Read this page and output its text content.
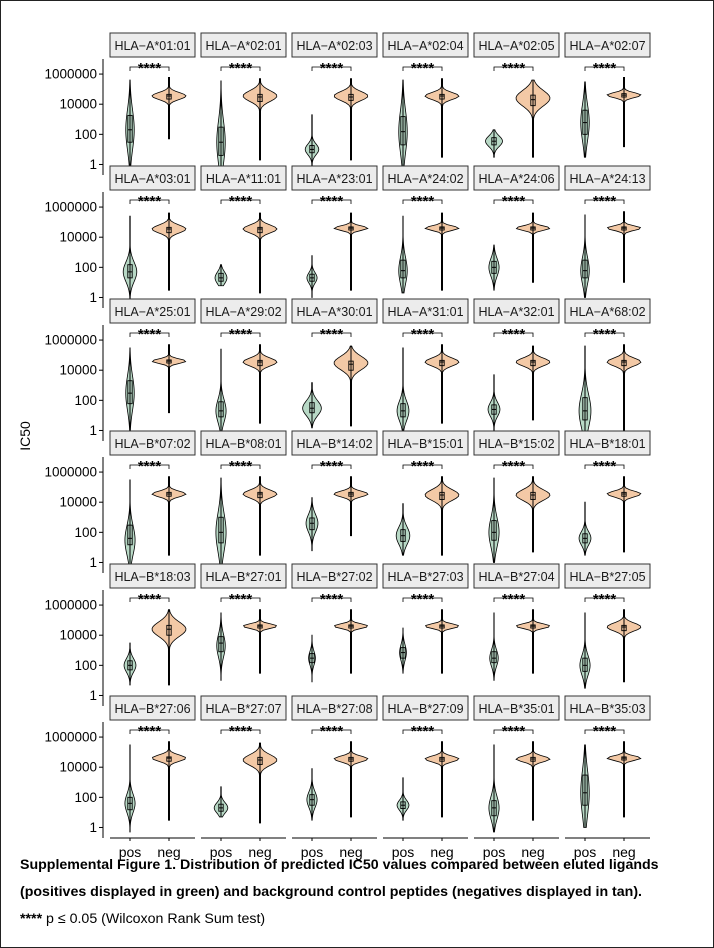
IC50
HLA−A*01:01
1
100
10000
1000000	****
HLA−A*02:01
****
HLA−A*02:03
****
HLA−A*02:04
****
HLA−A*02:05
****
HLA−A*02:07
****
HLA−A*03:01
1
100
10000
1000000	****
HLA−A*11:01
****
HLA−A*23:01
****
HLA−A*24:02
****
HLA−A*24:06
****
HLA−A*24:13
****
HLA−A*25:01
1
100
10000
1000000	****
HLA−A*29:02
****
HLA−A*30:01
****
HLA−A*31:01
****
HLA−A*32:01
****
HLA−A*68:02
****
HLA−B*07:02
1
100
10000
1000000	****
HLA−B*08:01
****
HLA−B*14:02
****
HLA−B*15:01
****
HLA−B*15:02
****
HLA−B*18:01
****
HLA−B*18:03
1
100
10000
1000000	****
HLA−B*27:01
****
HLA−B*27:02
****
HLA−B*27:03
****
HLA−B*27:04
****
HLA−B*27:05
****
HLA−B*27:06
1
100
10000
1000000	****
pos neg
HLA−B*27:07
****
pos neg
HLA−B*27:08
****
pos neg
HLA−B*27:09
****
pos neg
HLA−B*35:01
****
pos neg
HLA−B*35:03
****
pos neg
Supplemental Figure 1. Distribution of predicted IC50 values compared between eluted ligands
(positives displayed in green) and background control peptides (negatives displayed in tan).
**** p ≤ 0.05 (Wilcoxon Rank Sum test)
